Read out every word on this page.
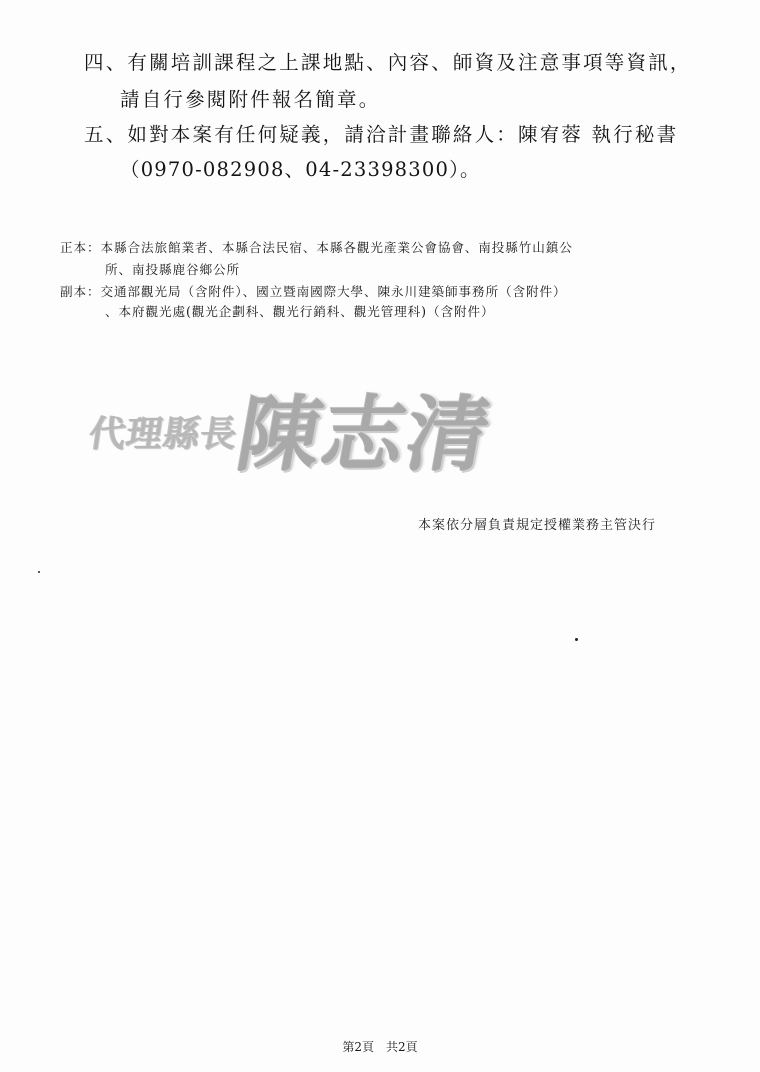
四、有關培訓課程之上課地點、內容、師資及注意事項等資訊，
請自行參閱附件報名簡章。
五、如對本案有任何疑義，請洽計畫聯絡人：陳宥蓉 執行秘書
（0970-082908、04-23398300）。
正本：本縣合法旅館業者、本縣合法民宿、本縣各觀光產業公會協會、南投縣竹山鎮公
所、南投縣鹿谷鄉公所
副本：交通部觀光局（含附件）、國立暨南國際大學、陳永川建築師事務所（含附件）
、本府觀光處(觀光企劃科、觀光行銷科、觀光管理科)（含附件）
代理縣長
陳志清
本案依分層負責規定授權業務主管決行
第2頁 共2頁
